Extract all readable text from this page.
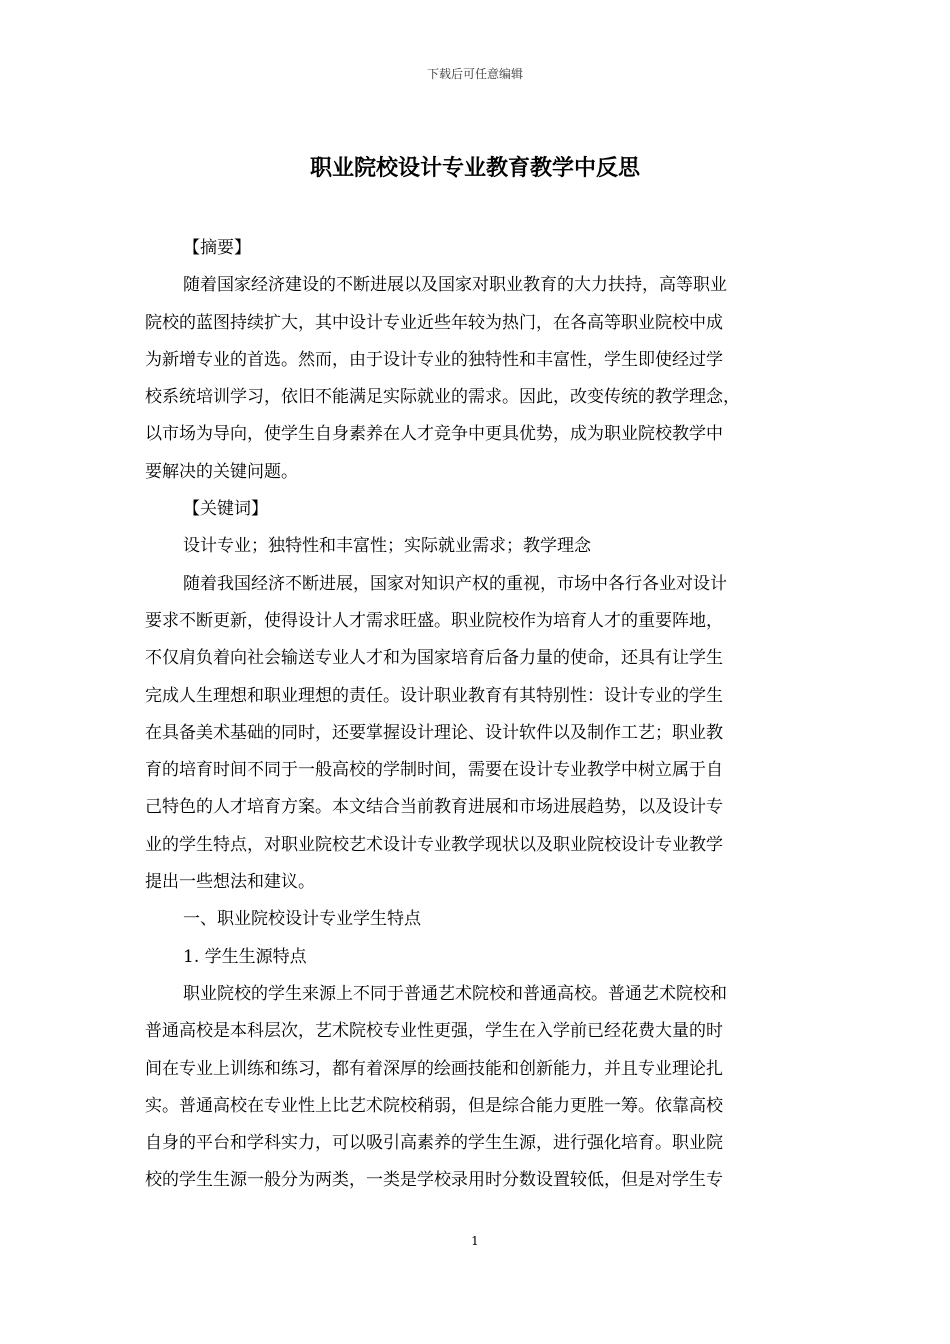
下载后可任意编辑
职业院校设计专业教育教学中反思
【摘要】
随着国家经济建设的不断进展以及国家对职业教育的大力扶持，高等职业
院校的蓝图持续扩大，其中设计专业近些年较为热门，在各高等职业院校中成
为新增专业的首选。然而，由于设计专业的独特性和丰富性，学生即使经过学
校系统培训学习，依旧不能满足实际就业的需求。因此，改变传统的教学理念，
以市场为导向，使学生自身素养在人才竞争中更具优势，成为职业院校教学中
要解决的关键问题。
【关键词】
设计专业；独特性和丰富性；实际就业需求；教学理念
随着我国经济不断进展，国家对知识产权的重视，市场中各行各业对设计
要求不断更新，使得设计人才需求旺盛。职业院校作为培育人才的重要阵地，
不仅肩负着向社会输送专业人才和为国家培育后备力量的使命，还具有让学生
完成人生理想和职业理想的责任。设计职业教育有其特别性：设计专业的学生
在具备美术基础的同时，还要掌握设计理论、设计软件以及制作工艺；职业教
育的培育时间不同于一般高校的学制时间，需要在设计专业教学中树立属于自
己特色的人才培育方案。本文结合当前教育进展和市场进展趋势，以及设计专
业的学生特点，对职业院校艺术设计专业教学现状以及职业院校设计专业教学
提出一些想法和建议。
一、职业院校设计专业学生特点
1. 学生生源特点
职业院校的学生来源上不同于普通艺术院校和普通高校。普通艺术院校和
普通高校是本科层次，艺术院校专业性更强，学生在入学前已经花费大量的时
间在专业上训练和练习，都有着深厚的绘画技能和创新能力，并且专业理论扎
实。普通高校在专业性上比艺术院校稍弱，但是综合能力更胜一筹。依靠高校
自身的平台和学科实力，可以吸引高素养的学生生源，进行强化培育。职业院
校的学生生源一般分为两类，一类是学校录用时分数设置较低，但是对学生专
1
